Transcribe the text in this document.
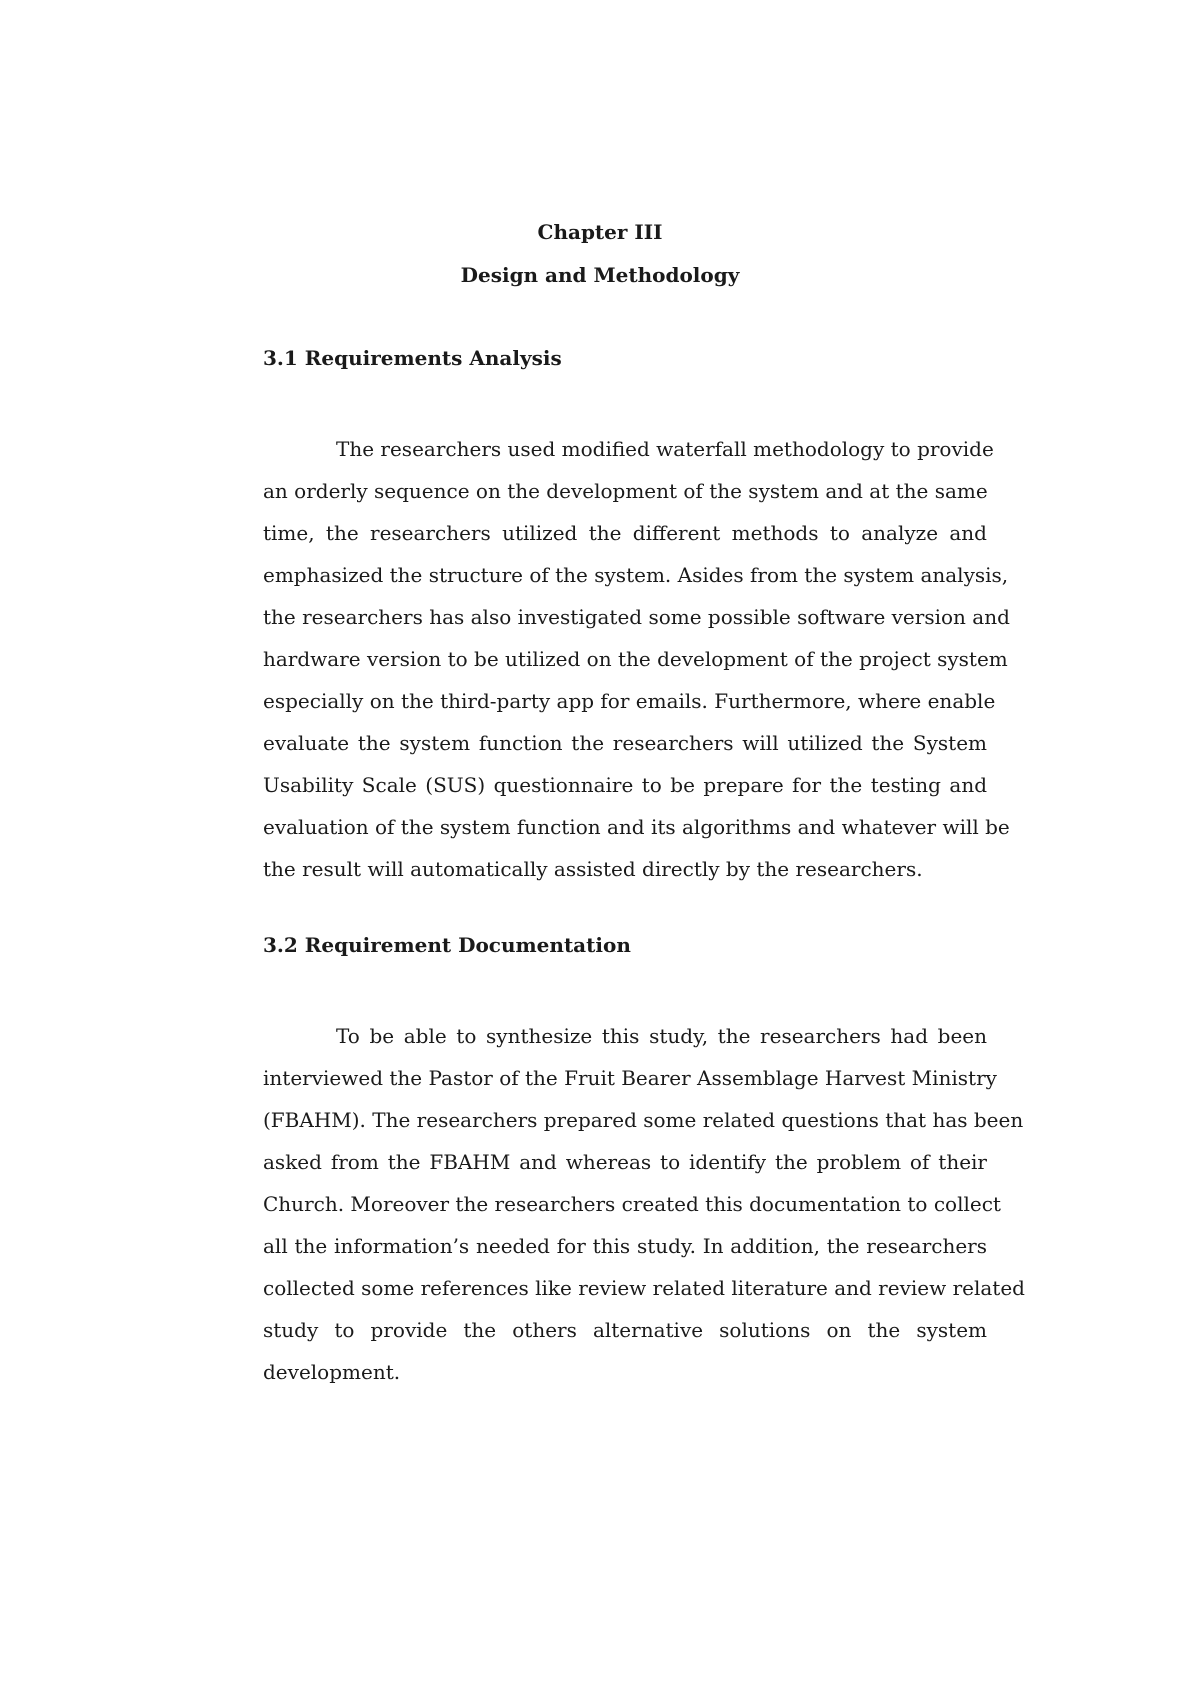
Chapter III
Design and Methodology
3.1 Requirements Analysis
The researchers used modified waterfall methodology to provide
an orderly sequence on the development of the system and at the same
time, the researchers utilized the different methods to analyze and
emphasized the structure of the system. Asides from the system analysis,
the researchers has also investigated some possible software version and
hardware version to be utilized on the development of the project system
especially on the third-party app for emails. Furthermore, where enable
evaluate the system function the researchers will utilized the System
Usability Scale (SUS) questionnaire to be prepare for the testing and
evaluation of the system function and its algorithms and whatever will be
the result will automatically assisted directly by the researchers.
3.2 Requirement Documentation
To be able to synthesize this study, the researchers had been
interviewed the Pastor of the Fruit Bearer Assemblage Harvest Ministry
(FBAHM). The researchers prepared some related questions that has been
asked from the FBAHM and whereas to identify the problem of their
Church. Moreover the researchers created this documentation to collect
all the information’s needed for this study. In addition, the researchers
collected some references like review related literature and review related
study to provide the others alternative solutions on the system
development.
